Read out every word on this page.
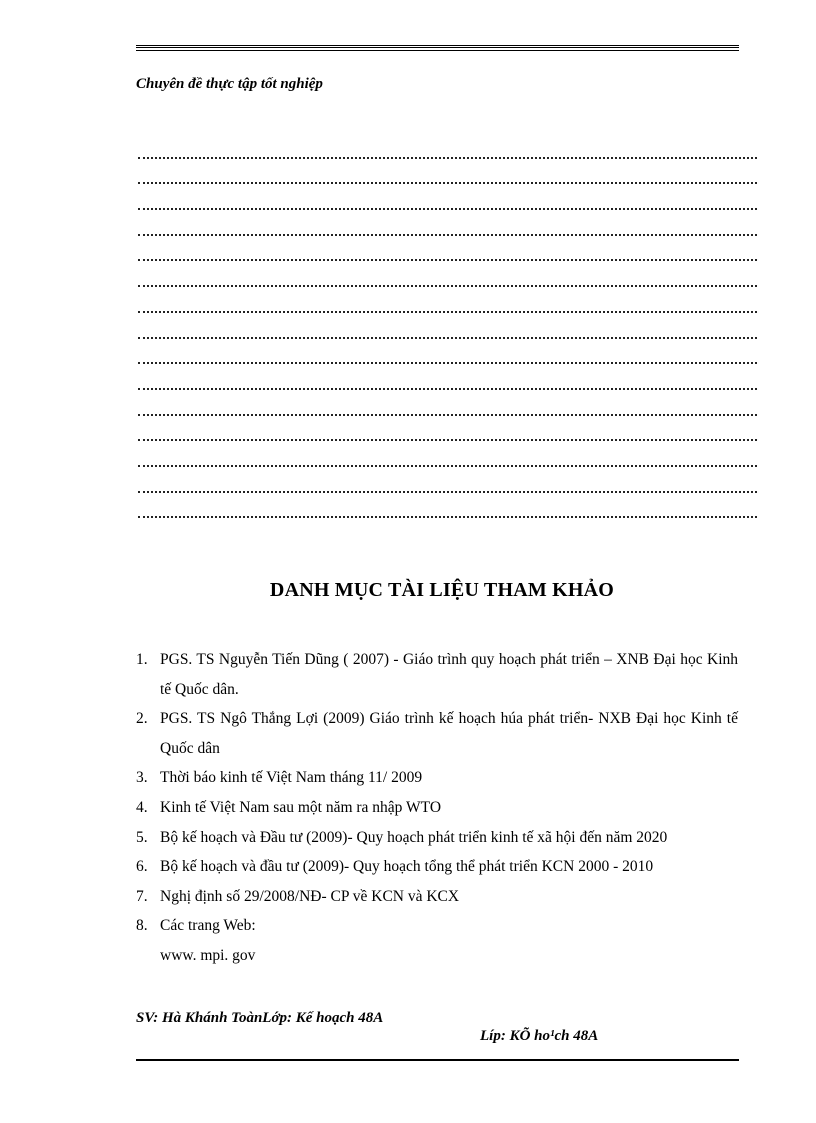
Chuyên đề thực tập tốt nghiệp
DANH MỤC TÀI LIỆU THAM KHẢO
1. PGS. TS Nguyễn Tiến Dũng ( 2007) - Giáo trình quy hoạch phát triển – XNB Đại học Kinh tế Quốc dân.
2. PGS. TS Ngô Thắng Lợi (2009) Giáo trình kế hoạch húa phát triển- NXB Đại học Kinh tế Quốc dân
3. Thời báo kinh tế Việt Nam tháng 11/ 2009
4. Kinh tế Việt Nam sau một năm ra nhập WTO
5. Bộ kế hoạch và Đầu tư (2009)- Quy hoạch phát triển kinh tế xã hội đến năm 2020
6. Bộ kế hoạch và đầu tư (2009)- Quy hoạch tổng thể phát triển KCN 2000 - 2010
7. Nghị định số 29/2008/NĐ- CP về KCN và KCX
8. Các trang Web:
www. mpi. gov
SV: Hà Khánh ToànLớp: Kế hoạch 48A
Líp: KÕ ho¹ch 48A
